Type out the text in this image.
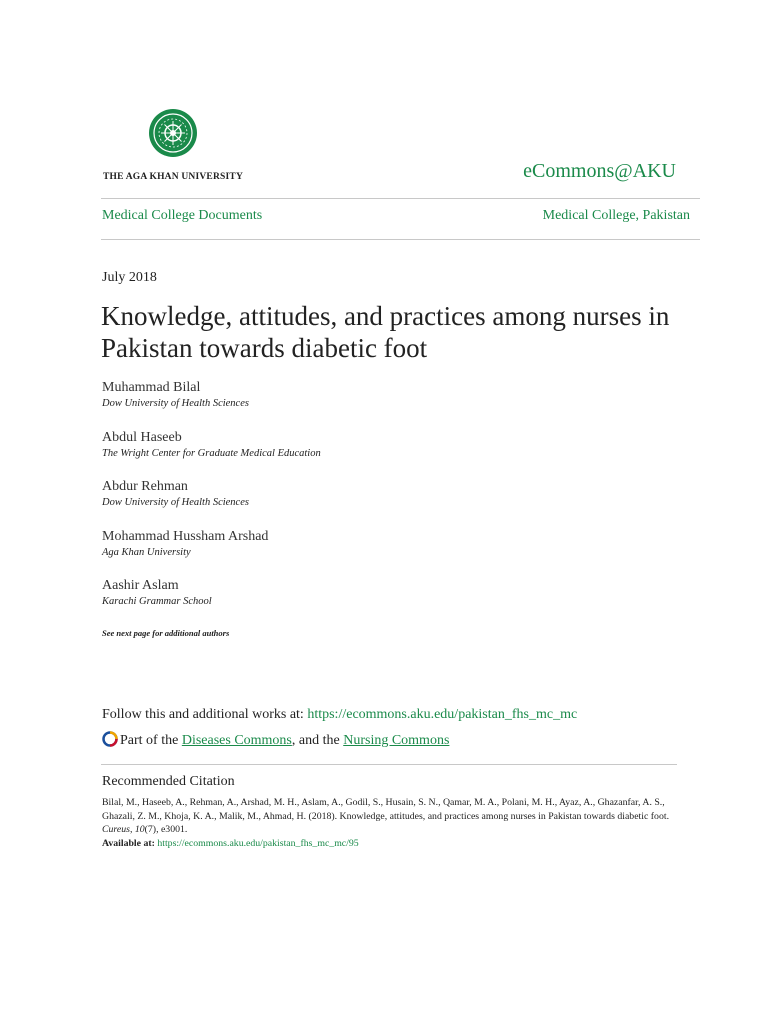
THE AGA KHAN UNIVERSITY	eCommons@AKU
Medical College Documents	Medical College, Pakistan
July 2018
Knowledge, attitudes, and practices among nurses in Pakistan towards diabetic foot
Muhammad Bilal
Dow University of Health Sciences
Abdul Haseeb
The Wright Center for Graduate Medical Education
Abdur Rehman
Dow University of Health Sciences
Mohammad Hussham Arshad
Aga Khan University
Aashir Aslam
Karachi Grammar School
See next page for additional authors
Follow this and additional works at: https://ecommons.aku.edu/pakistan_fhs_mc_mc
Part of the Diseases Commons, and the Nursing Commons
Recommended Citation
Bilal, M., Haseeb, A., Rehman, A., Arshad, M. H., Aslam, A., Godil, S., Husain, S. N., Qamar, M. A., Polani, M. H., Ayaz, A., Ghazanfar, A. S., Ghazali, Z. M., Khoja, K. A., Malik, M., Ahmad, H. (2018). Knowledge, attitudes, and practices among nurses in Pakistan towards diabetic foot. Cureus, 10(7), e3001.
Available at: https://ecommons.aku.edu/pakistan_fhs_mc_mc/95
